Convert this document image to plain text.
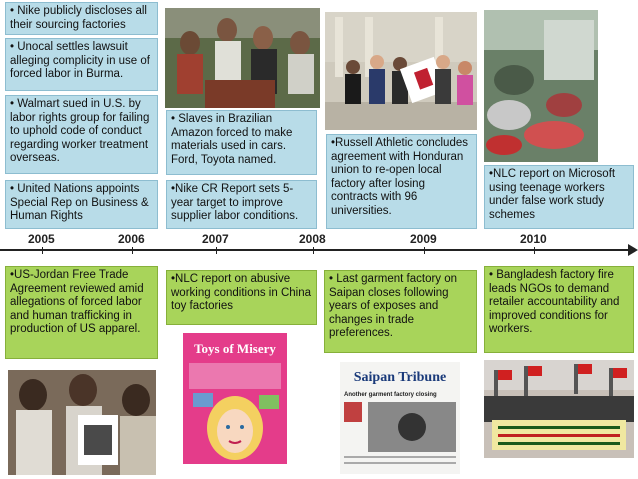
Toys of Misery
Saipan Tribune
Another garment factory closing
• Nike publicly discloses all their sourcing factories
• Unocal settles lawsuit alleging complicity in use of forced labor in Burma.
• Walmart sued in U.S. by labor rights group for failing to uphold code of conduct regarding worker treatment overseas.
• United Nations appoints Special Rep on Business & Human Rights
• Slaves in Brazilian Amazon forced to make materials used in cars. Ford, Toyota named.
•Nike CR Report sets 5-year target to improve supplier labor conditions.
•Russell Athletic concludes agreement with Honduran union to re-open local factory after losing contracts with 96 universities.
•NLC report on Microsoft using teenage workers under false work study schemes
2005	2006	2007	2008	2009	2010
•US-Jordan Free Trade Agreement reviewed amid allegations of forced labor and human trafficking in production of US apparel.
•NLC report on abusive working conditions in China toy factories
• Last garment factory on Saipan closes following years of exposes and changes in trade preferences.
• Bangladesh factory fire leads NGOs to demand retailer accountability and improved conditions for workers.
